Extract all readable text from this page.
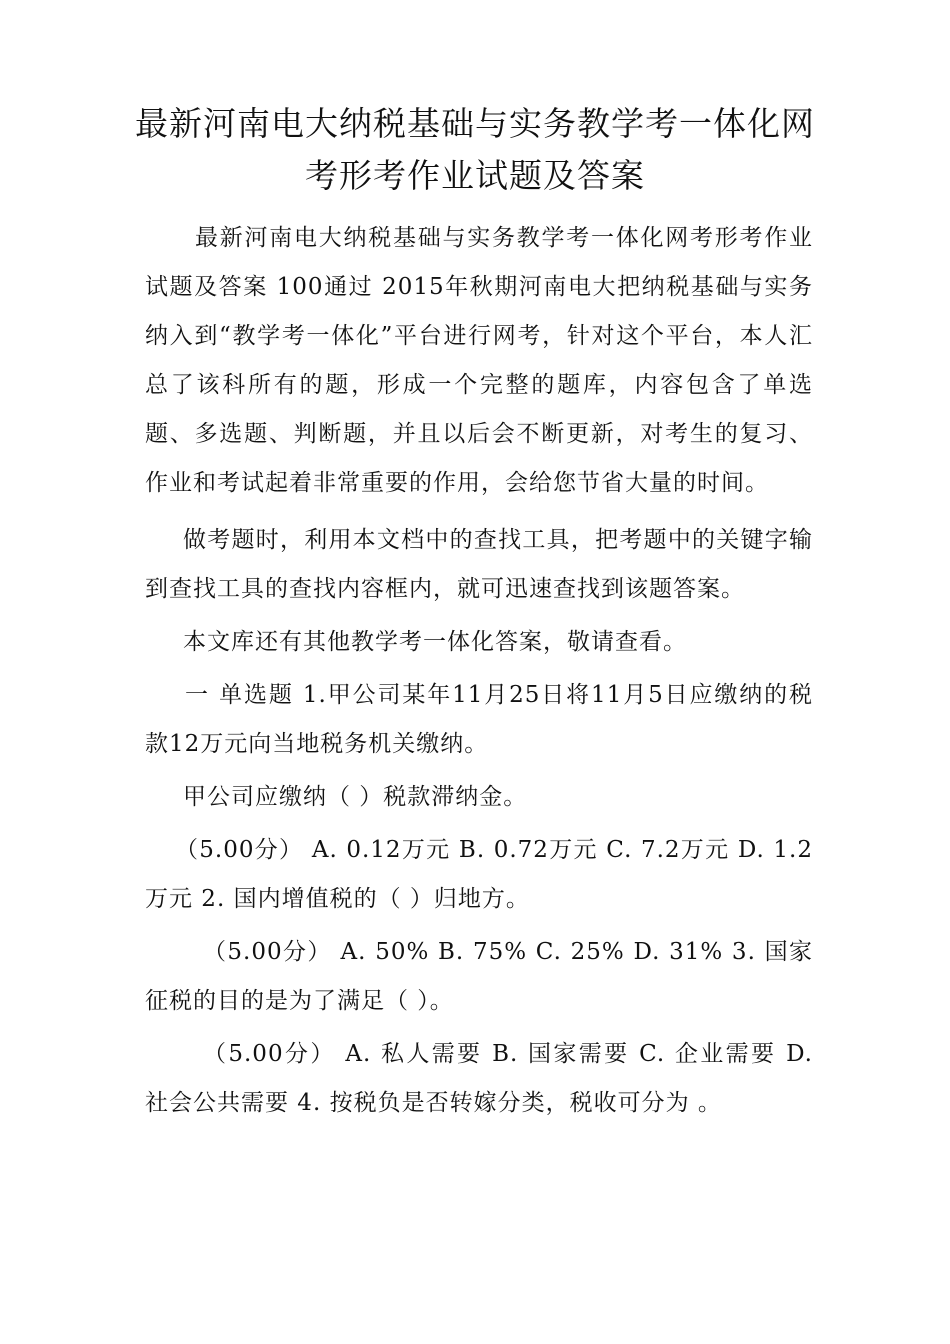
最新河南电大纳税基础与实务教学考一体化网考形考作业试题及答案

最新河南电大纳税基础与实务教学考一体化网考形考作业试题及答案 100通过 2015年秋期河南电大把纳税基础与实务纳入到“教学考一体化”平台进行网考，针对这个平台，本人汇总了该科所有的题，形成一个完整的题库，内容包含了单选题、多选题、判断题，并且以后会不断更新，对考生的复习、作业和考试起着非常重要的作用，会给您节省大量的时间。

做考题时，利用本文档中的查找工具，把考题中的关键字输到查找工具的查找内容框内，就可迅速查找到该题答案。

本文库还有其他教学考一体化答案，敬请查看。

一 单选题 1.甲公司某年11月25日将11月5日应缴纳的税款12万元向当地税务机关缴纳。

甲公司应缴纳（ ）税款滞纳金。

（5.00分） A. 0.12万元 B. 0.72万元 C. 7.2万元 D. 1.2万元 2. 国内增值税的（ ）归地方。

（5.00分） A. 50% B. 75% C. 25% D. 31% 3. 国家征税的目的是为了满足（ ）。

（5.00分） A. 私人需要 B. 国家需要 C. 企业需要 D. 社会公共需要 4. 按税负是否转嫁分类，税收可分为 。
